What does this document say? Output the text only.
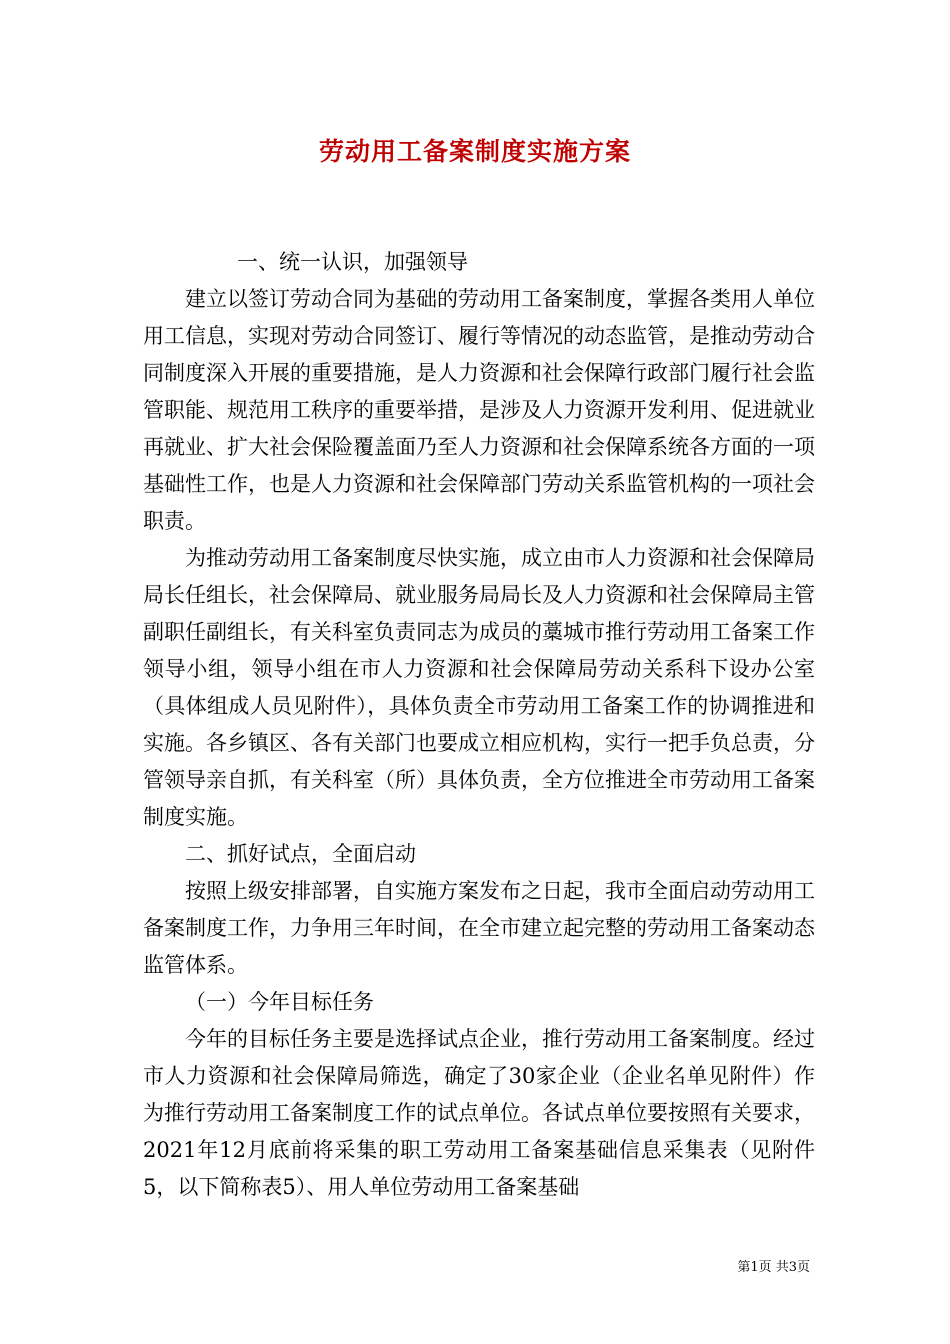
劳动用工备案制度实施方案

一、统一认识，加强领导

建立以签订劳动合同为基础的劳动用工备案制度，掌握各类用人单位用工信息，实现对劳动合同签订、履行等情况的动态监管，是推动劳动合同制度深入开展的重要措施，是人力资源和社会保障行政部门履行社会监管职能、规范用工秩序的重要举措，是涉及人力资源开发利用、促进就业再就业、扩大社会保险覆盖面乃至人力资源和社会保障系统各方面的一项基础性工作，也是人力资源和社会保障部门劳动关系监管机构的一项社会职责。

为推动劳动用工备案制度尽快实施，成立由市人力资源和社会保障局局长任组长，社会保障局、就业服务局局长及人力资源和社会保障局主管副职任副组长，有关科室负责同志为成员的藁城市推行劳动用工备案工作领导小组，领导小组在市人力资源和社会保障局劳动关系科下设办公室（具体组成人员见附件），具体负责全市劳动用工备案工作的协调推进和实施。各乡镇区、各有关部门也要成立相应机构，实行一把手负总责，分管领导亲自抓，有关科室（所）具体负责，全方位推进全市劳动用工备案制度实施。

二、抓好试点，全面启动

按照上级安排部署，自实施方案发布之日起，我市全面启动劳动用工备案制度工作，力争用三年时间，在全市建立起完整的劳动用工备案动态监管体系。

（一）今年目标任务

今年的目标任务主要是选择试点企业，推行劳动用工备案制度。经过市人力资源和社会保障局筛选，确定了30家企业（企业名单见附件）作为推行劳动用工备案制度工作的试点单位。各试点单位要按照有关要求，2021年12月底前将采集的职工劳动用工备案基础信息采集表（见附件5，以下简称表5）、用人单位劳动用工备案基础

第1页 共3页
